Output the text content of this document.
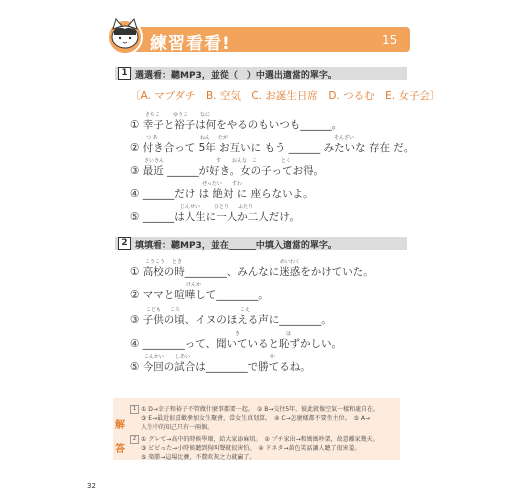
練習看看!	15
1 選選看：聽MP3，並從（　）中選出適當的單字。
〔A. マブダチ　B. 空気　C. お誕生日席　D. つるむ　E. 女子会〕
さちこ	ゆうこ なに
① 幸子と裕子は何をやるのもいつも______。
つ あ	ねん たが	そんざい
② 付き合って 5年 お互いに もう ______ みたいな 存在 だ。
さいきん	す おんな こ	とく
③ 最近 ______が好き。女の子ってお得。
ぜったい すわ
④ ______だけ は 絶対 に 座らないよ。
じんせい	ひとり ふたり
⑤ ______は人生に一人か二人だけ。
2 填填看：聽MP3，並在______中填入適當的單字。
こうこう とき	めいわく
① 高校の時________、みんなに迷惑をかけていた。
けんか
② ママと喧嘩して________。
こども ころ	こえ
③ 子供の頃、イヌのほえる声に________。
き	は
④ ________って、聞いていると恥ずかしい。
こんかい しあい	か
⑤ 今回の試合は________で勝てるね。
解
答
1 ① D→幸子和裕子不管做什麼事都要一起。　② B→交往5年，彼此就像空氣一樣和處自在。
③ E→最近很喜歡參加女生聚會，當女生真划算。　④ C→怎麼樣都不要坐主位。　⑤ A→
人生中的知己只有一兩個。
2 ① グレて→高中的時候學壞，給大家添麻煩。　② プチ家出→和媽媽吵架，故意離家幾天。
③ ビビった→小時候聽到狗叫聲就很害怕。　④ ドネタ→黃色笑話讓人聽了很害羞。
⑤ 楽勝→這場比賽，不費吹灰之力就贏了。
32
